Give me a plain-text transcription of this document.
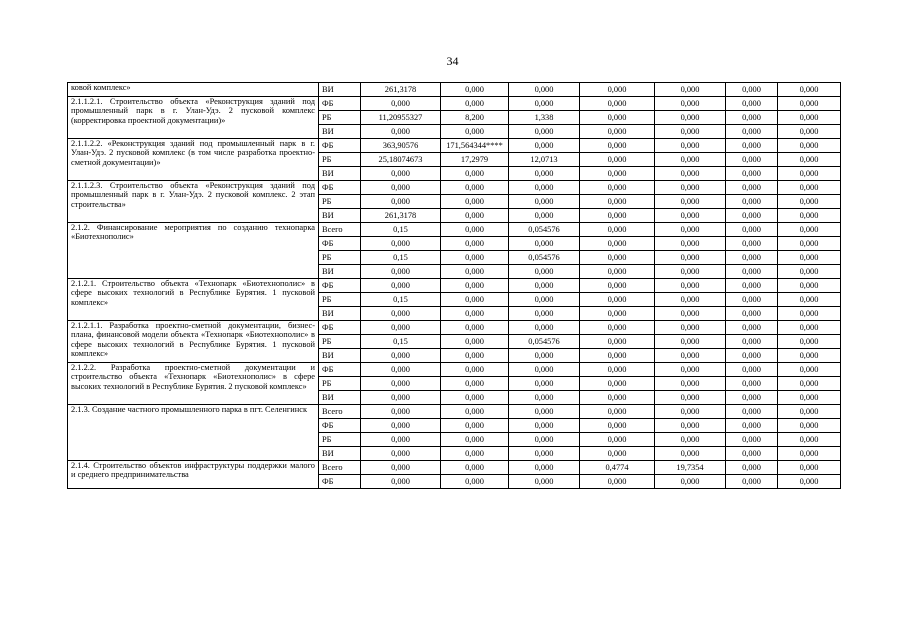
34
ковой комплекс»	ВИ	261,3178	0,000	0,000	0,000	0,000	0,000	0,000
2.1.1.2.1. Строительство объекта «Реконструкция зданий под промышленный парк в г. Улан-Удэ. 2 пусковой комплекс (корректировка проектной документации)»	ФБ	0,000	0,000	0,000	0,000	0,000	0,000	0,000
	РБ	11,20955327	8,200	1,338	0,000	0,000	0,000	0,000
	ВИ	0,000	0,000	0,000	0,000	0,000	0,000	0,000
2.1.1.2.2. «Реконструкция зданий под промышленный парк в г. Улан-Удэ. 2 пусковой комплекс (в том числе разработка проектно-сметной документации)»	ФБ	363,90576	171,564344****	0,000	0,000	0,000	0,000	0,000
	РБ	25,18074673	17,2979	12,0713	0,000	0,000	0,000	0,000
	ВИ	0,000	0,000	0,000	0,000	0,000	0,000	0,000
2.1.1.2.3. Строительство объекта «Реконструкция зданий под промышленный парк в г. Улан-Удэ. 2 пусковой комплекс. 2 этап строительства»	ФБ	0,000	0,000	0,000	0,000	0,000	0,000	0,000
	РБ	0,000	0,000	0,000	0,000	0,000	0,000	0,000
	ВИ	261,3178	0,000	0,000	0,000	0,000	0,000	0,000
2.1.2. Финансирование мероприятия по созданию технопарка «Биотехнополис»	Всего	0,15	0,000	0,054576	0,000	0,000	0,000	0,000
	ФБ	0,000	0,000	0,000	0,000	0,000	0,000	0,000
	РБ	0,15	0,000	0,054576	0,000	0,000	0,000	0,000
	ВИ	0,000	0,000	0,000	0,000	0,000	0,000	0,000
2.1.2.1. Строительство объекта «Технопарк «Биотехнополис» в сфере высоких технологий в Республике Бурятия. 1 пусковой комплекс»	ФБ	0,000	0,000	0,000	0,000	0,000	0,000	0,000
	РБ	0,15	0,000	0,000	0,000	0,000	0,000	0,000
	ВИ	0,000	0,000	0,000	0,000	0,000	0,000	0,000
2.1.2.1.1. Разработка проектно-сметной документации, бизнес-плана, финансовой модели объекта «Технопарк «Биотехнополис» в сфере высоких технологий в Республике Бурятия. 1 пусковой комплекс»	ФБ	0,000	0,000	0,000	0,000	0,000	0,000	0,000
	РБ	0,15	0,000	0,054576	0,000	0,000	0,000	0,000
	ВИ	0,000	0,000	0,000	0,000	0,000	0,000	0,000
2.1.2.2. Разработка проектно-сметной документации и строительство объекта «Технопарк «Биотехнополис» в сфере высоких технологий в Республике Бурятия. 2 пусковой комплекс»	ФБ	0,000	0,000	0,000	0,000	0,000	0,000	0,000
	РБ	0,000	0,000	0,000	0,000	0,000	0,000	0,000
	ВИ	0,000	0,000	0,000	0,000	0,000	0,000	0,000
2.1.3. Создание частного промышленного парка в пгт. Селенгинск	Всего	0,000	0,000	0,000	0,000	0,000	0,000	0,000
	ФБ	0,000	0,000	0,000	0,000	0,000	0,000	0,000
	РБ	0,000	0,000	0,000	0,000	0,000	0,000	0,000
	ВИ	0,000	0,000	0,000	0,000	0,000	0,000	0,000
2.1.4. Строительство объектов инфраструктуры поддержки малого и среднего предпринимательства	Всего	0,000	0,000	0,000	0,4774	19,7354	0,000	0,000
	ФБ	0,000	0,000	0,000	0,000	0,000	0,000	0,000
